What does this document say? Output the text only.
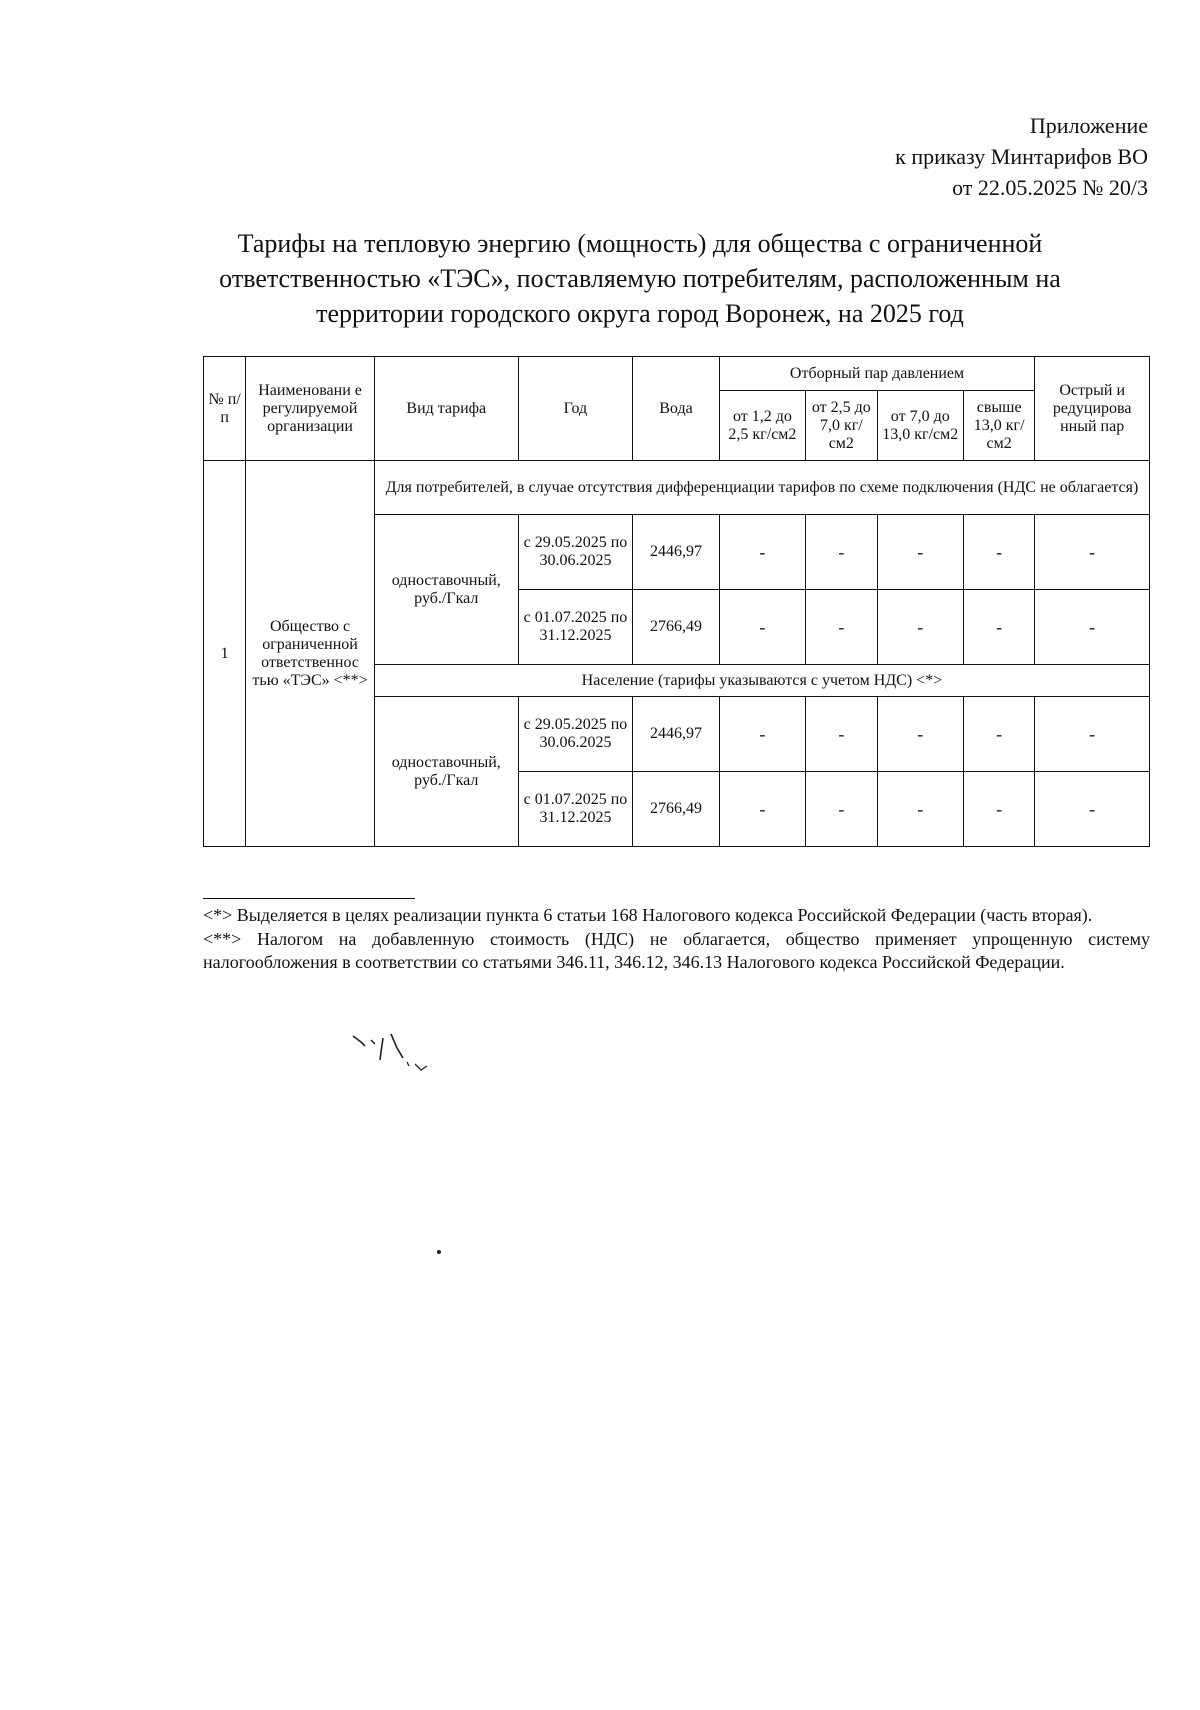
Приложение
к приказу Минтарифов ВО
от 22.05.2025 № 20/3
Тарифы на тепловую энергию (мощность) для общества с ограниченной
ответственностью «ТЭС», поставляемую потребителям, расположенным на
территории городского округа город Воронеж, на 2025 год
№ п/п	Наименовани е регулируемой организации	Вид тарифа	Год	Вода	Отборный пар давлением				Острый и редуцирова нный пар
					от 1,2 до 2,5 кг/см2	от 2,5 до 7,0 кг/см2	от 7,0 до 13,0 кг/см2	свыше 13,0 кг/см2	
1	Общество с ограниченной ответственнос тью «ТЭС» <**>	Для потребителей, в случае отсутствия дифференциации тарифов по схеме подключения (НДС не облагается)							
		одноставочный, руб./Гкал	с 29.05.2025 по 30.06.2025	2446,97	-	-	-	-	-
			с 01.07.2025 по 31.12.2025	2766,49	-	-	-	-	-
		Население (тарифы указываются с учетом НДС) <*>							
		одноставочный, руб./Гкал	с 29.05.2025 по 30.06.2025	2446,97	-	-	-	-	-
			с 01.07.2025 по 31.12.2025	2766,49	-	-	-	-	-

<*> Выделяется в целях реализации пункта 6 статьи 168 Налогового кодекса Российской Федерации (часть вторая).

<**> Налогом на добавленную стоимость (НДС) не облагается, общество применяет упрощенную систему налогообложения в соответствии со статьями 346.11, 346.12, 346.13 Налогового кодекса Российской Федерации.
